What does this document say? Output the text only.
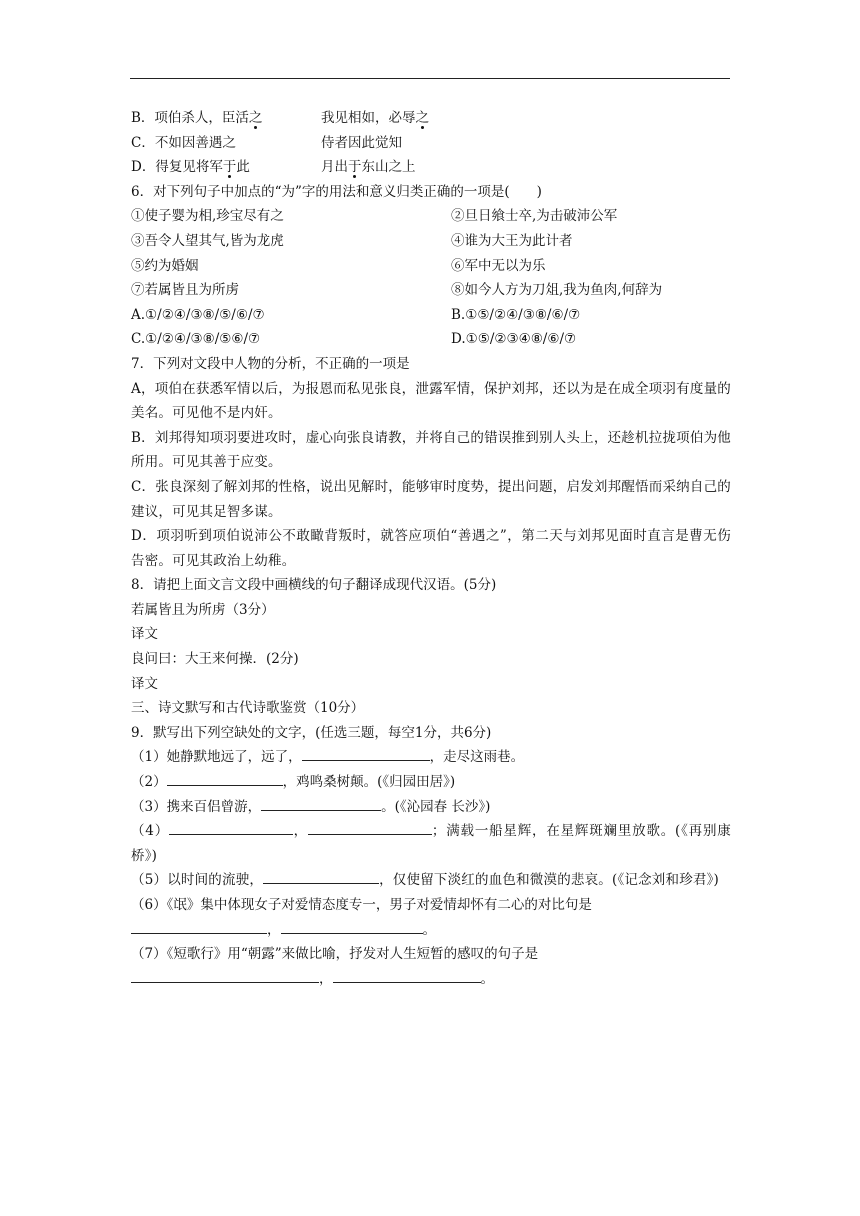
B．项伯杀人，臣活之	我见相如，必辱之
C．不如因善遇之	侍者因此觉知
D．得复见将军于此	月出于东山之上
6．对下列句子中加点的“为”字的用法和意义归类正确的一项是(　　)
①使子婴为相,珍宝尽有之	②旦日飨士卒,为击破沛公军
③吾令人望其气,皆为龙虎	④谁为大王为此计者
⑤约为婚姻	⑥军中无以为乐
⑦若属皆且为所虏	⑧如今人方为刀俎,我为鱼肉,何辞为
A.①/②④/③⑧/⑤/⑥/⑦	B.①⑤/②④/③⑧/⑥/⑦
C.①/②④/③⑧/⑤⑥/⑦	D.①⑤/②③④⑧/⑥/⑦
7．下列对文段中人物的分析，不正确的一项是
A，项伯在获悉军情以后，为报恩而私见张良，泄露军情，保护刘邦，还以为是在成全项羽有度量的美名。可见他不是内奸。
B．刘邦得知项羽要进攻时，虚心向张良请教，并将自己的错误推到别人头上，还趁机拉拢项伯为他所用。可见其善于应变。
C．张良深刻了解刘邦的性格，说出见解时，能够审时度势，提出问题，启发刘邦醒悟而采纳自己的建议，可见其足智多谋。
D．项羽听到项伯说沛公不敢瞰背叛时，就答应项伯“善遇之”，第二天与刘邦见面时直言是曹无伤告密。可见其政治上幼稚。
8．请把上面文言文段中画横线的句子翻译成现代汉语。(5分)
若属皆且为所虏（3分）
译文
良问曰：大王来何操．(2分)
译文
三、诗文默写和古代诗歌鉴赏（10分）
9．默写出下列空缺处的文字，(任选三题，每空1分，共6分)
（1）她静默地远了，远了，	，走尽这雨巷。
（2）	，鸡鸣桑树颠。(《归园田居》)
（3）携来百侣曾游，	。(《沁园春 长沙》)
（4）	，	；满载一船星辉，在星辉斑斓里放歌。(《再别康桥》)
（5）以时间的流驶，	，仅使留下淡红的血色和微漠的悲哀。(《记念刘和珍君》)
（6）《氓》集中体现女子对爱情态度专一，男子对爱情却怀有二心的对比句是
，	。
（7）《短歌行》用“朝露”来做比喻，抒发对人生短暂的感叹的句子是
，	。
